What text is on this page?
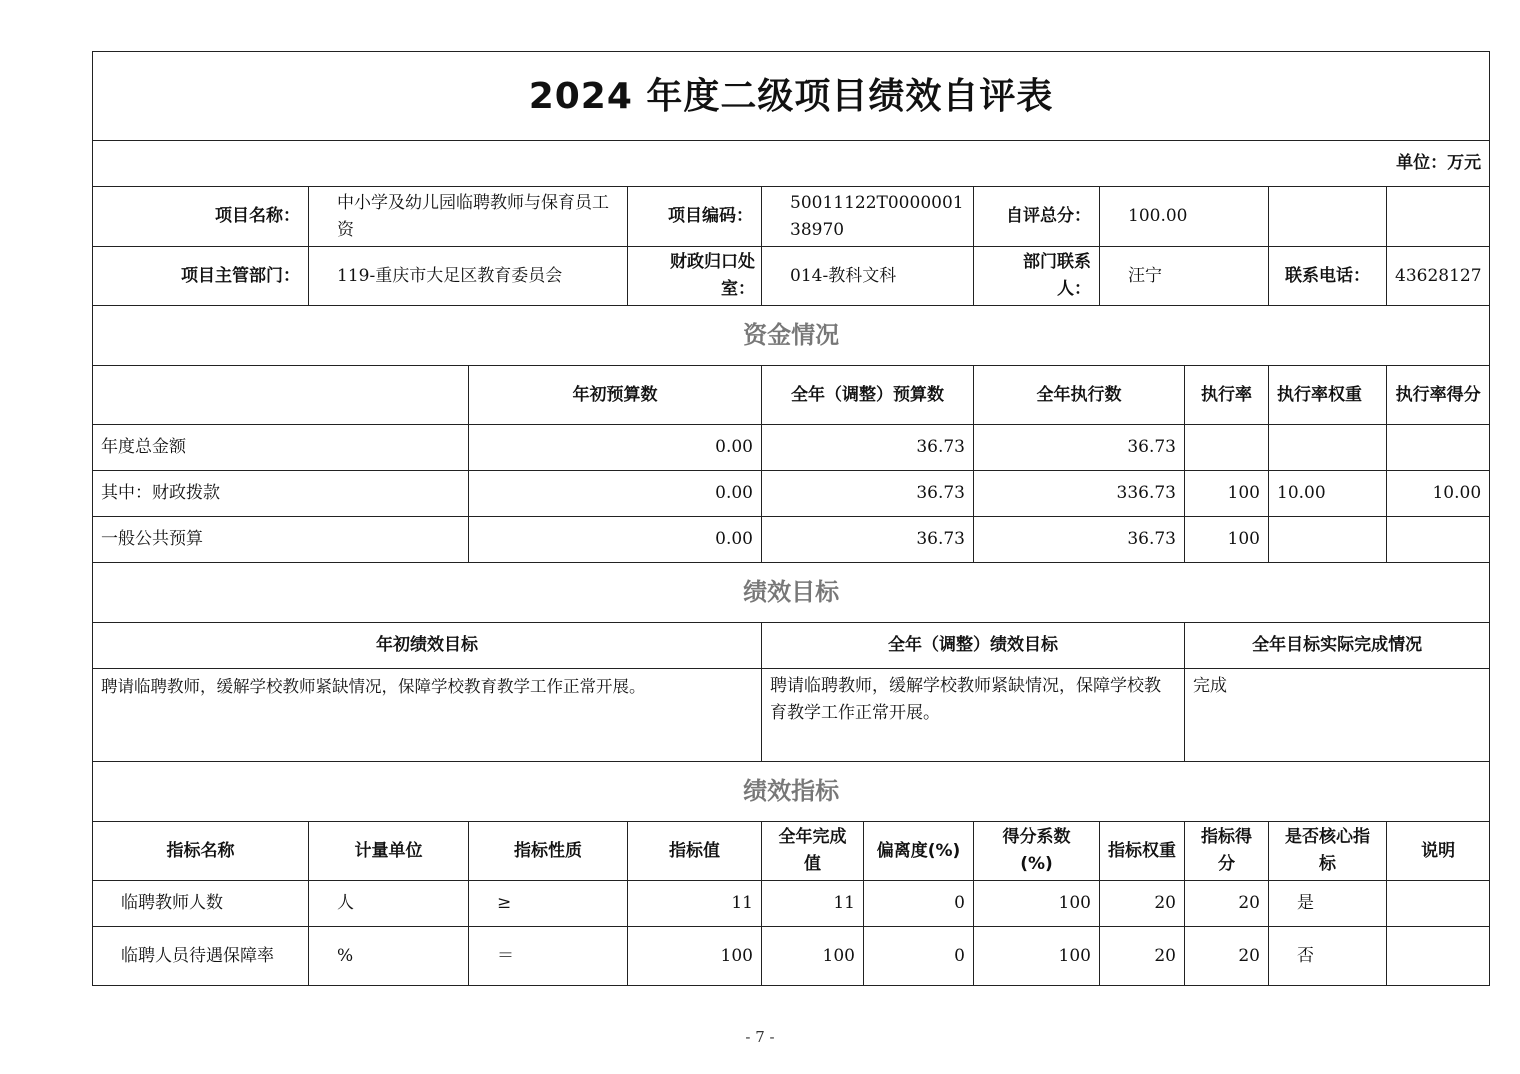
2024 年度二级项目绩效自评表										
单位：万元										
项目名称：	中小学及幼儿园临聘教师与保育员工资		项目编码：	50011122T000000138970		自评总分：	100.00			
项目主管部门：	119-重庆市大足区教育委员会		财政归口处室：	014-教科文科		部门联系人：	汪宁		联系电话：	43628127
资金情况										
		年初预算数		全年（调整）预算数		全年执行数		执行率	执行率权重	执行率得分
年度总金额		0.00		36.73		36.73				
其中：财政拨款		0.00		36.73		336.73		100	10.00	10.00
一般公共预算		0.00		36.73		36.73		100		
绩效目标										
年初绩效目标				全年（调整）绩效目标				全年目标实际完成情况		
聘请临聘教师，缓解学校教师紧缺情况，保障学校教育教学工作正常开展。				聘请临聘教师，缓解学校教师紧缺情况，保障学校教育教学工作正常开展。				完成		
绩效指标										
指标名称	计量单位	指标性质	指标值	全年完成值	偏离度(%)	得分系数(%)	指标权重	指标得分	是否核心指标	说明
临聘教师人数	人	≥	11	11	0	100	20	20	是	
临聘人员待遇保障率	%	＝	100	100	0	100	20	20	否	
- 7 -
